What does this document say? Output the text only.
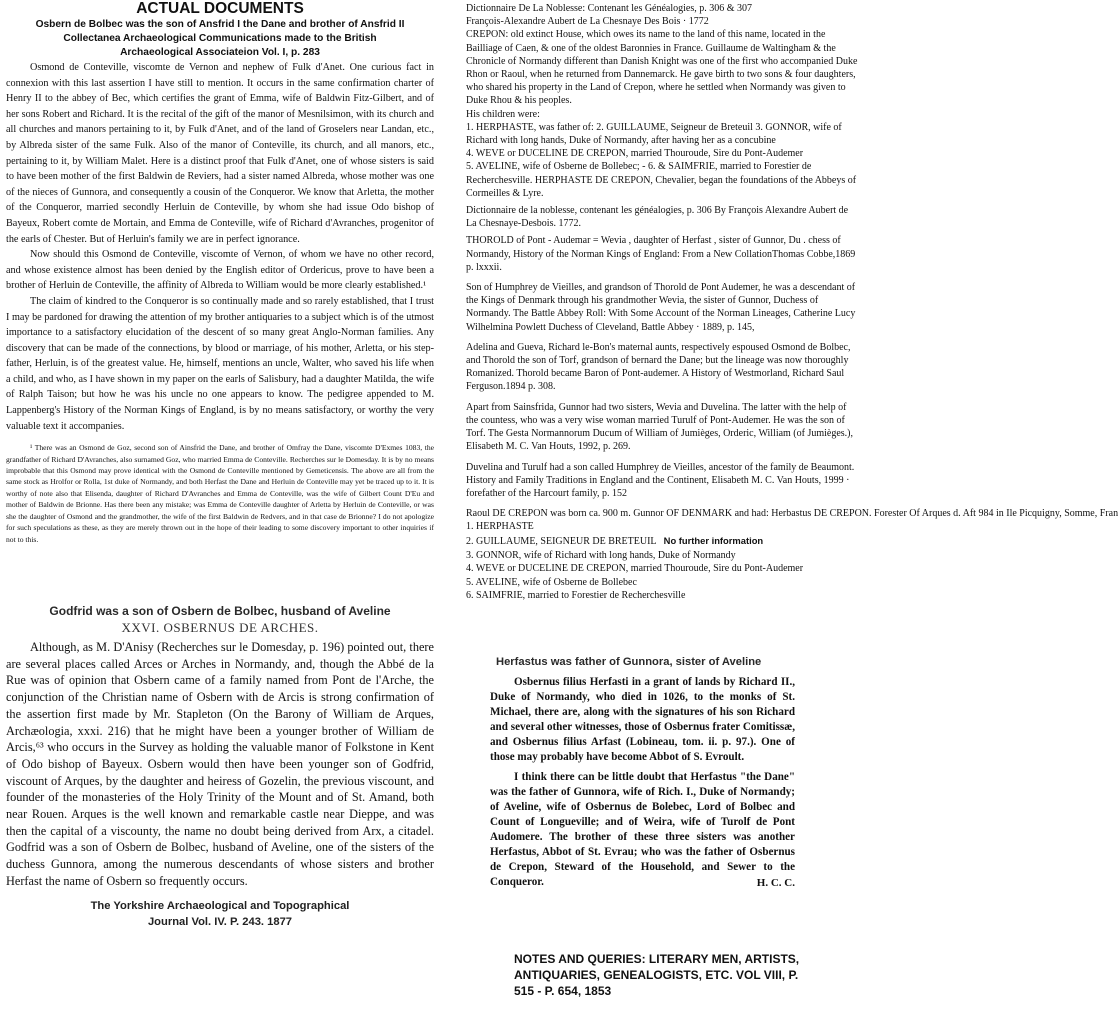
ACTUAL DOCUMENTS
Osbern de Bolbec was the son of Ansfrid I the Dane and brother of Ansfrid II
Collectanea Archaeological Communications made to the British
Archaeological Associateion Vol. I, p. 283

Osmond de Conteville, viscomte de Vernon and nephew of Fulk d'Anet. One curious fact in connexion with this last assertion I have still to mention. It occurs in the same confirmation charter of Henry II to the abbey of Bec, which certifies the grant of Emma, wife of Baldwin Fitz-Gilbert, and of her sons Robert and Richard. It is the recital of the gift of the manor of Mesnilsimon, with its church and all churches and manors pertaining to it, by Fulk d'Anet, and of the land of Groselers near Landan, etc., by Albreda sister of the same Fulk. Also of the manor of Conteville, its church, and all manors, etc., pertaining to it, by William Malet. Here is a distinct proof that Fulk d'Anet, one of whose sisters is said to have been mother of the first Baldwin de Reviers, had a sister named Albreda, whose mother was one of the nieces of Gunnora, and consequently a cousin of the Conqueror. We know that Arletta, the mother of the Conqueror, married secondly Herluin de Conteville, by whom she had issue Odo bishop of Bayeux, Robert comte de Mortain, and Emma de Conteville, wife of Richard d'Avranches, progenitor of the earls of Chester. But of Herluin's family we are in perfect ignorance.

Now should this Osmond de Conteville, viscomte of Vernon, of whom we have no other record, and whose existence almost has been denied by the English editor of Ordericus, prove to have been a brother of Herluin de Conteville, the affinity of Albreda to William would be more clearly established.¹

The claim of kindred to the Conqueror is so continually made and so rarely established, that I trust I may be pardoned for drawing the attention of my brother antiquaries to a subject which is of the utmost importance to a satisfactory elucidation of the descent of so many great Anglo-Norman families. Any discovery that can be made of the connections, by blood or marriage, of his mother, Arletta, or his step-father, Herluin, is of the greatest value. He, himself, mentions an uncle, Walter, who saved his life when a child, and who, as I have shown in my paper on the earls of Salisbury, had a daughter Matilda, the wife of Ralph Taison; but how he was his uncle no one appears to know. The pedigree appended to M. Lappenberg's History of the Norman Kings of England, is by no means satisfactory, or worthy the very valuable text it accompanies.

¹ There was an Osmond de Goz, second son of Ainsfrid the Dane, and brother of Omfray the Dane, viscomte D'Exmes 1083, the grandfather of Richard D'Avranches, also surnamed Goz, who married Emma de Conteville. Recherches sur le Domesday. It is by no means improbable that this Osmond may prove identical with the Osmond de Conteville mentioned by Gemeticensis. The above are all from the same stock as Hrolfor or Rolla, 1st duke of Normandy, and both Herfast the Dane and Herluin de Conteville may yet be traced up to it. It is worthy of note also that Elisenda, daughter of Richard D'Avranches and Emma de Conteville, was the wife of Gilbert Count D'Eu and mother of Baldwin de Brionne. Has there been any mistake; was Emma de Conteville daughter of Arletta by Herluin de Conteville, or was she the daughter of Osmond and the grandmother, the wife of the first Baldwin de Redvers, and in that case de Brionne? I do not apologize for such speculations as these, as they are merely thrown out in the hope of their leading to some discovery important to other inquiries if not to this.

Godfrid was a son of Osbern de Bolbec, husband of Aveline
XXVI. OSBERNUS DE ARCHES.

Although, as M. D'Anisy (Recherches sur le Domesday, p. 196) pointed out, there are several places called Arces or Arches in Normandy, and, though the Abbé de la Rue was of opinion that Osbern came of a family named from Pont de l'Arche, the conjunction of the Christian name of Osbern with de Arcis is strong confirmation of the assertion first made by Mr. Stapleton (On the Barony of William de Arques, Archæologia, xxxi. 216) that he might have been a younger brother of William de Arcis,⁶³ who occurs in the Survey as holding the valuable manor of Folkstone in Kent of Odo bishop of Bayeux. Osbern would then have been younger son of Godfrid, viscount of Arques, by the daughter and heiress of Gozelin, the previous viscount, and founder of the monasteries of the Holy Trinity of the Mount and of St. Amand, both near Rouen. Arques is the well known and remarkable castle near Dieppe, and was then the capital of a viscounty, the name no doubt being derived from Arx, a citadel. Godfrid was a son of Osbern de Bolbec, husband of Aveline, one of the sisters of the duchess Gunnora, among the numerous descendants of whose sisters and brother Herfast the name of Osbern so frequently occurs.

The Yorkshire Archaeological and Topographical
Journal Vol. IV. P. 243. 1877
Dictionnaire De La Noblesse: Contenant les Généalogies, p. 306 & 307
François-Alexandre Aubert de La Chesnaye Des Bois · 1772
CREPON: old extinct House, which owes its name to the land of this name, located in the Bailliage of Caen, & one of the oldest Baronnies in France. Guillaume de Waltingham & the Chronicle of Normandy different than Danish Knight was one of the first who accompanied Duke Rhon or Raoul, when he returned from Dannemarck. He gave birth to two sons & four daughters, who shared his property in the Land of Crepon, where he settled when Normandy was given to Duke Rhou & his peoples.
His children were:
1. HERPHASTE, was father of: 2. GUILLAUME, Seigneur de Breteuil 3. GONNOR, wife of Richard with long hands, Duke of Normandy, after having her as a concubine
4. WEVE or DUCELINE DE CREPON, married Thouroude, Sire du Pont-Audemer
5. AVELINE, wife of Osberne de Bollebec; - 6. & SAIMFRIE, married to Forestier de Recherchesville. HERPHASTE DE CREPON, Chevalier, began the foundations of the Abbeys of Cormeilles & Lyre.
Dictionnaire de la noblesse, contenant les généalogies, p. 306 By François Alexandre Aubert de La Chesnaye-Desbois. 1772.
THOROLD of Pont - Audemar = Wevia , daughter of Herfast , sister of Gunnor, Du . chess of Normandy, History of the Norman Kings of England: From a New CollationThomas Cobbe,1869 p. lxxxii.
Son of Humphrey de Vieilles, and grandson of Thorold de Pont Audemer, he was a descendant of the Kings of Denmark through his grandmother Wevia, the sister of Gunnor, Duchess of Normandy. The Battle Abbey Roll: With Some Account of the Norman Lineages, Catherine Lucy Wilhelmina Powlett Duchess of Cleveland, Battle Abbey · 1889, p. 145,
Adelina and Gueva, Richard le-Bon's maternal aunts, respectively espoused Osmond de Bolbec, and Thorold the son of Torf, grandson of bernard the Dane; but the lineage was now thoroughly Romanized. Thorold became Baron of Pont-audemer. A History of Westmorland, Richard Saul Ferguson.1894 p. 308.
Apart from Sainsfrida, Gunnor had two sisters, Wevia and Duvelina. The latter with the help of the countess, who was a very wise woman married Turulf of Pont-Audemer. He was the son of Torf. The Gesta Normannorum Ducum of William of Jumièges, Orderic, William (of Jumièges.), Elisabeth M. C. Van Houts, 1992, p. 269.
Duvelina and Turulf had a son called Humphrey de Vieilles, ancestor of the family de Beaumont. History and Family Traditions in England and the Continent, Elisabeth M. C. Van Houts, 1999 · forefather of the Harcourt family, p. 152
Raoul DE CREPON was born ca. 900 m. Gunnor OF DENMARK and had: Herbastus DE CREPON. Forester Of Arques d. Aft 984 in Ile Picquigny, Somme, Fran
1. HERPHASTE
2. GUILLAUME, SEIGNEUR DE BRETEUIL No further information
3. GONNOR, wife of Richard with long hands, Duke of Normandy
4. WEVE or DUCELINE DE CREPON, married Thouroude, Sire du Pont-Audemer
5. AVELINE, wife of Osberne de Bollebec
6. SAIMFRIE, married to Forestier de Recherchesville
Herfastus was father of Gunnora, sister of Aveline

Osbernus filius Herfasti in a grant of lands by Richard II., Duke of Normandy, who died in 1026, to the monks of St. Michael, there are, along with the signatures of his son Richard and several other witnesses, those of Osbernus frater Comitissæ, and Osbernus filius Arfast (Lobineau, tom. ii. p. 97.). One of those may probably have become Abbot of S. Evroult.

I think there can be little doubt that Herfastus "the Dane" was the father of Gunnora, wife of Rich. I., Duke of Normandy; of Aveline, wife of Osbernus de Bolebec, Lord of Bolbec and Count of Longueville; and of Weira, wife of Turolf de Pont Audomere. The brother of these three sisters was another Herfastus, Abbot of St. Evrau; who was the father of Osbernus de Crepon, Steward of the Household, and Sewer to the Conqueror.	H. C. C.
NOTES AND QUERIES: LITERARY MEN, ARTISTS, ANTIQUARIES, GENEALOGISTS, ETC. VOL VIII, P. 515 - P. 654, 1853
